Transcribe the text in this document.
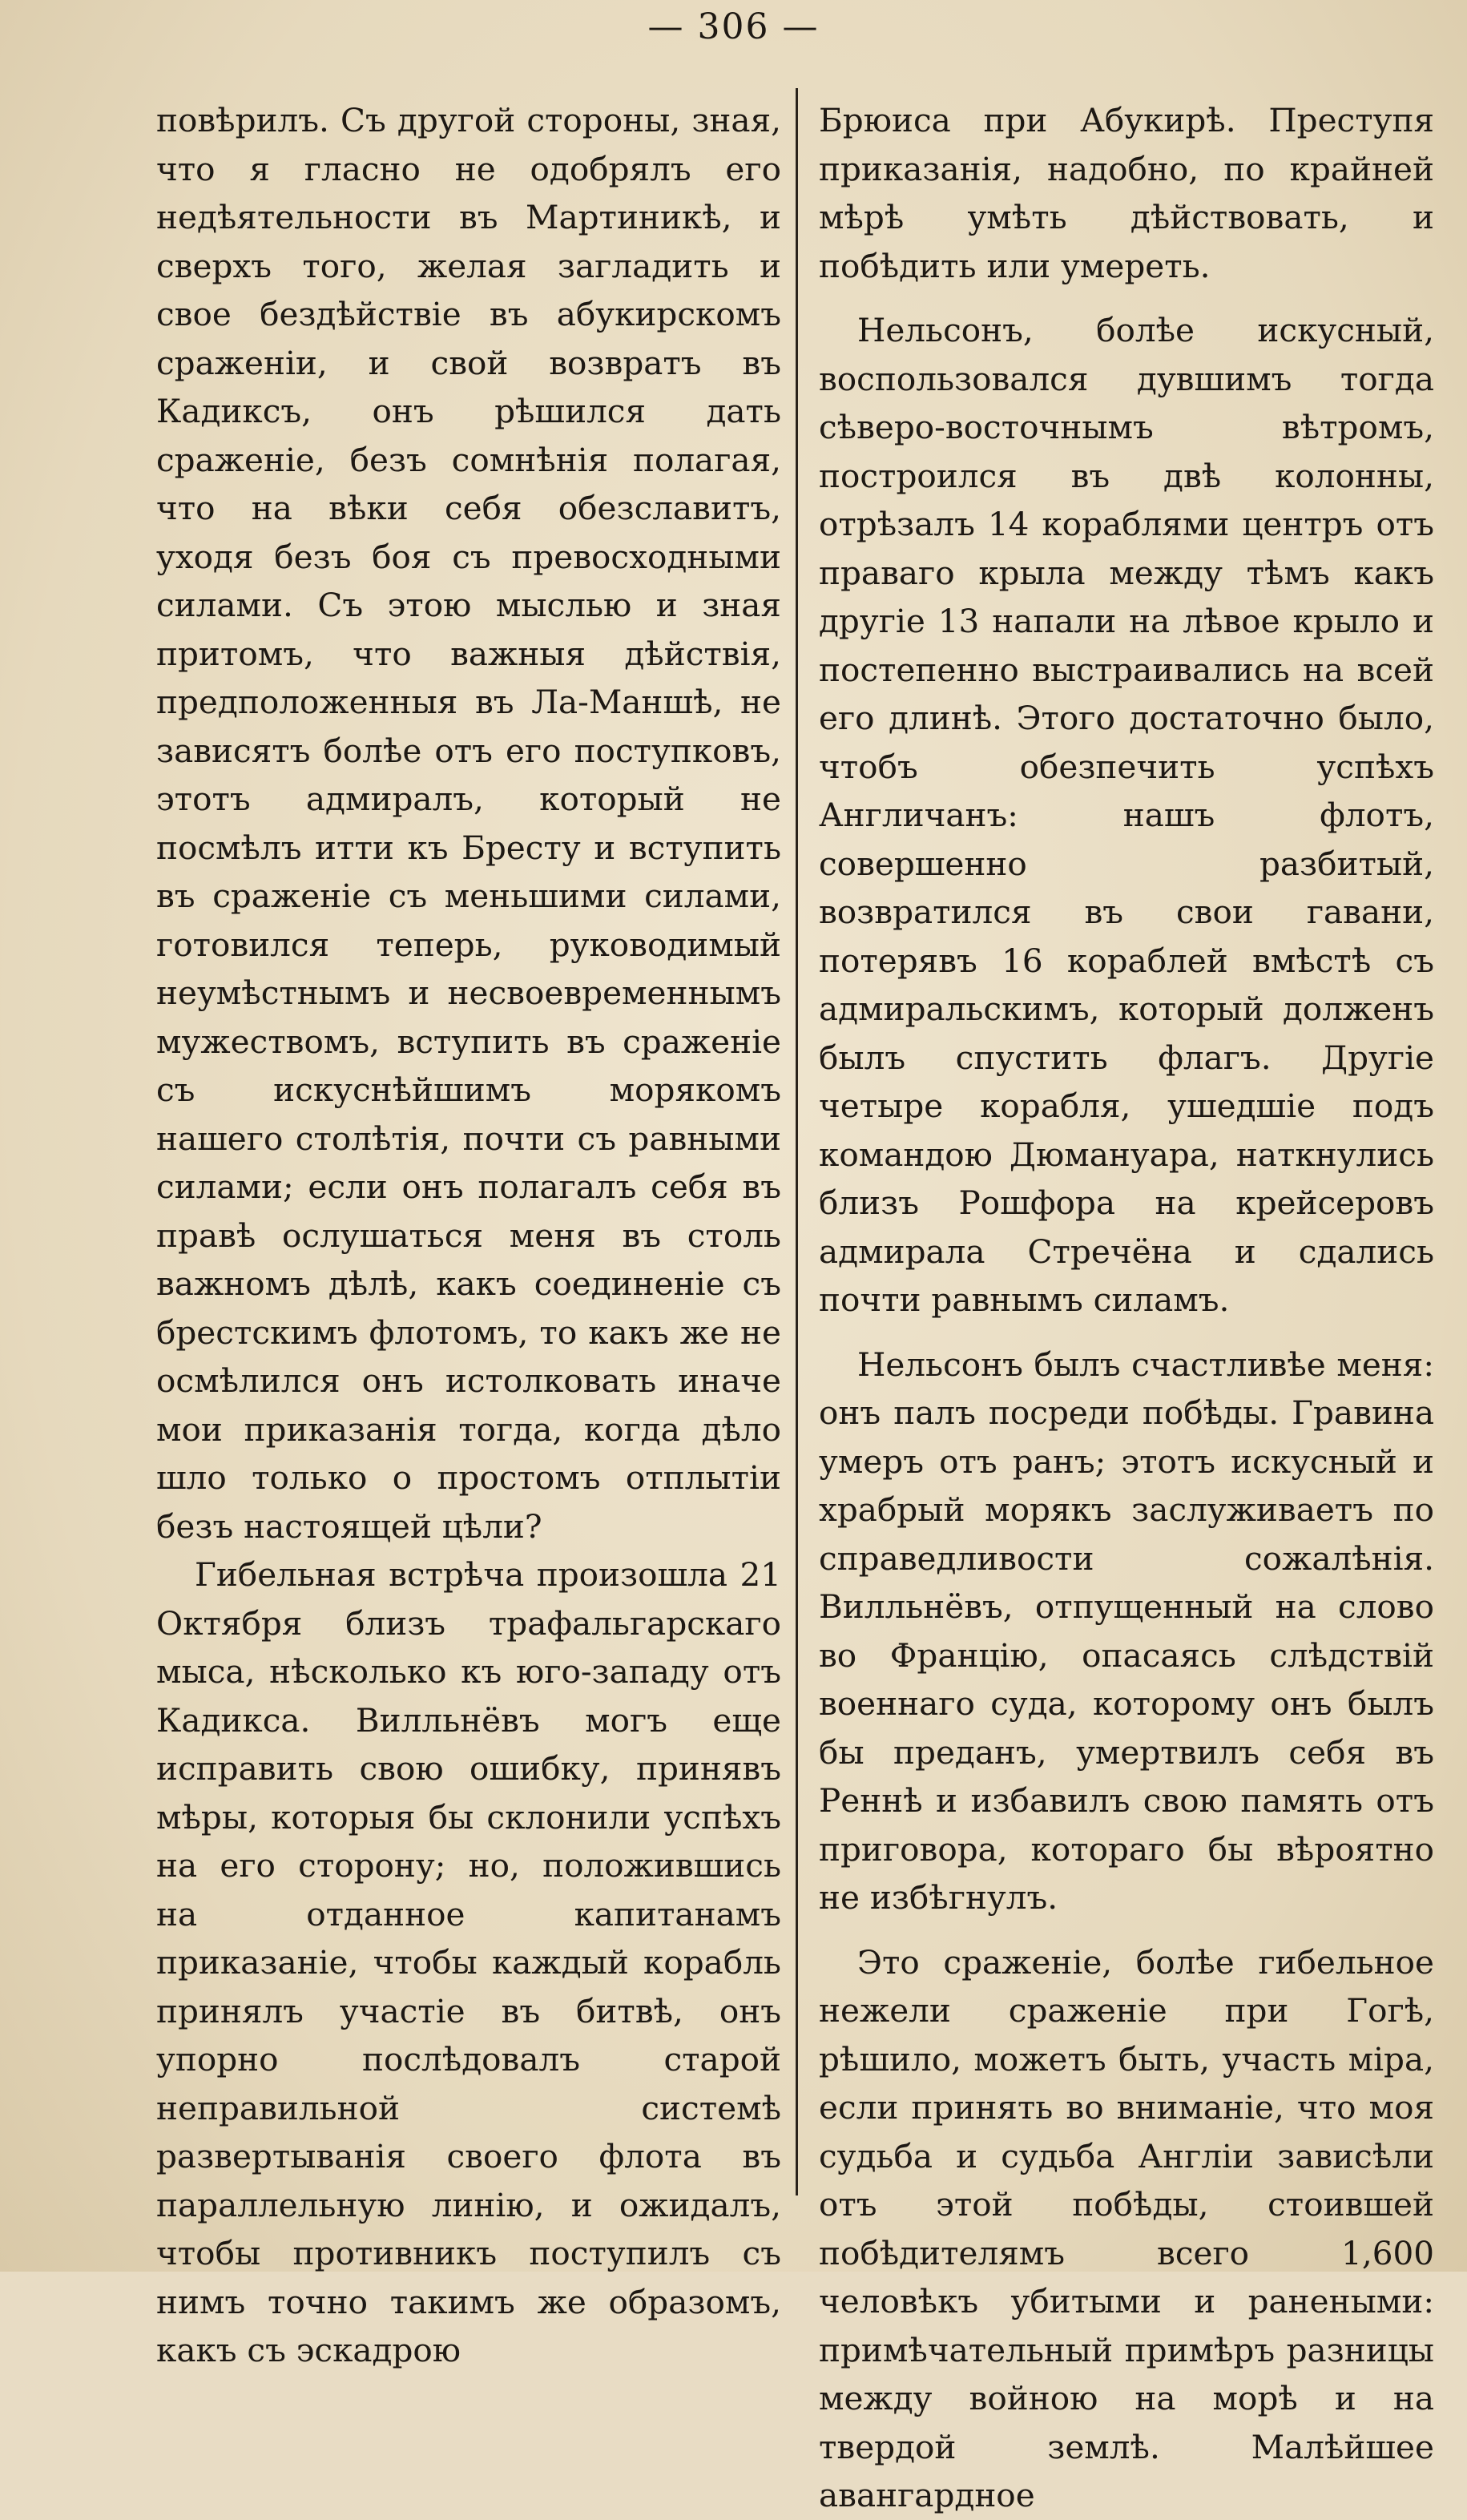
— 306 —

повѣрилъ. Съ другой стороны, зная, что я гласно не одобрялъ его недѣятельности въ Мартиникѣ, и сверхъ того, желая загладить и свое бездѣйствіе въ абукирскомъ сраженіи, и свой возвратъ въ Кадиксъ, онъ рѣшился дать сраженіе, безъ сомнѣнія полагая, что на вѣки себя обезславитъ, уходя безъ боя съ превосходными силами. Съ этою мыслью и зная притомъ, что важныя дѣйствія, предположенныя въ Ла-Маншѣ, не зависятъ болѣе отъ его поступковъ, этотъ адмиралъ, который не посмѣлъ итти къ Бресту и вступить въ сраженіе съ меньшими силами, готовился теперь, руководимый неумѣстнымъ и несвоевременнымъ мужествомъ, вступить въ сраженіе съ искуснѣйшимъ морякомъ нашего столѣтія, почти съ равными силами; если онъ полагалъ себя въ правѣ ослушаться меня въ столь важномъ дѣлѣ, какъ соединеніе съ брестскимъ флотомъ, то какъ же не осмѣлился онъ истолковать иначе мои приказанія тогда, когда дѣло шло только о простомъ отплытіи безъ настоящей цѣли?

Гибельная встрѣча произошла 21 Октября близъ трафальгарскаго мыса, нѣсколько къ юго-западу отъ Кадикса. Вилльнёвъ могъ еще исправить свою ошибку, принявъ мѣры, которыя бы склонили успѣхъ на его сторону; но, положившись на отданное капитанамъ приказаніе, чтобы каждый корабль принялъ участіе въ битвѣ, онъ упорно послѣдовалъ старой неправильной системѣ развертыванія своего флота въ параллельную линію, и ожидалъ, чтобы противникъ поступилъ съ нимъ точно такимъ же образомъ, какъ съ эскадрою

Брюиса при Абукирѣ. Преступя приказанія, надобно, по крайней мѣрѣ умѣть дѣйствовать, и побѣдить или умереть.

Нельсонъ, болѣе искусный, воспользовался дувшимъ тогда сѣверо-восточнымъ вѣтромъ, построился въ двѣ колонны, отрѣзалъ 14 кораблями центръ отъ праваго крыла между тѣмъ какъ другіе 13 напали на лѣвое крыло и постепенно выстраивались на всей его длинѣ. Этого достаточно было, чтобъ обезпечить успѣхъ Англичанъ: нашъ флотъ, совершенно разбитый, возвратился въ свои гавани, потерявъ 16 кораблей вмѣстѣ съ адмиральскимъ, который долженъ былъ спустить флагъ. Другіе четыре корабля, ушедшіе подъ командою Дюмануара, наткнулись близъ Рошфора на крейсеровъ адмирала Стречёна и сдались почти равнымъ силамъ.

Нельсонъ былъ счастливѣе меня: онъ палъ посреди побѣды. Гравина умеръ отъ ранъ; этотъ искусный и храбрый морякъ заслуживаетъ по справедливости сожалѣнія. Вилльнёвъ, отпущенный на слово во Францію, опасаясь слѣдствій военнаго суда, которому онъ былъ бы преданъ, умертвилъ себя въ Реннѣ и избавилъ свою память отъ приговора, котораго бы вѣроятно не избѣгнулъ.

Это сраженіе, болѣе гибельное нежели сраженіе при Гогѣ, рѣшило, можетъ быть, участь міра, если принять во вниманіе, что моя судьба и судьба Англіи зависѣли отъ этой побѣды, стоившей побѣдителямъ всего 1,600 человѣкъ убитыми и ранеными: примѣчательный примѣръ разницы между войною на морѣ и на твердой землѣ. Малѣйшее авангардное
